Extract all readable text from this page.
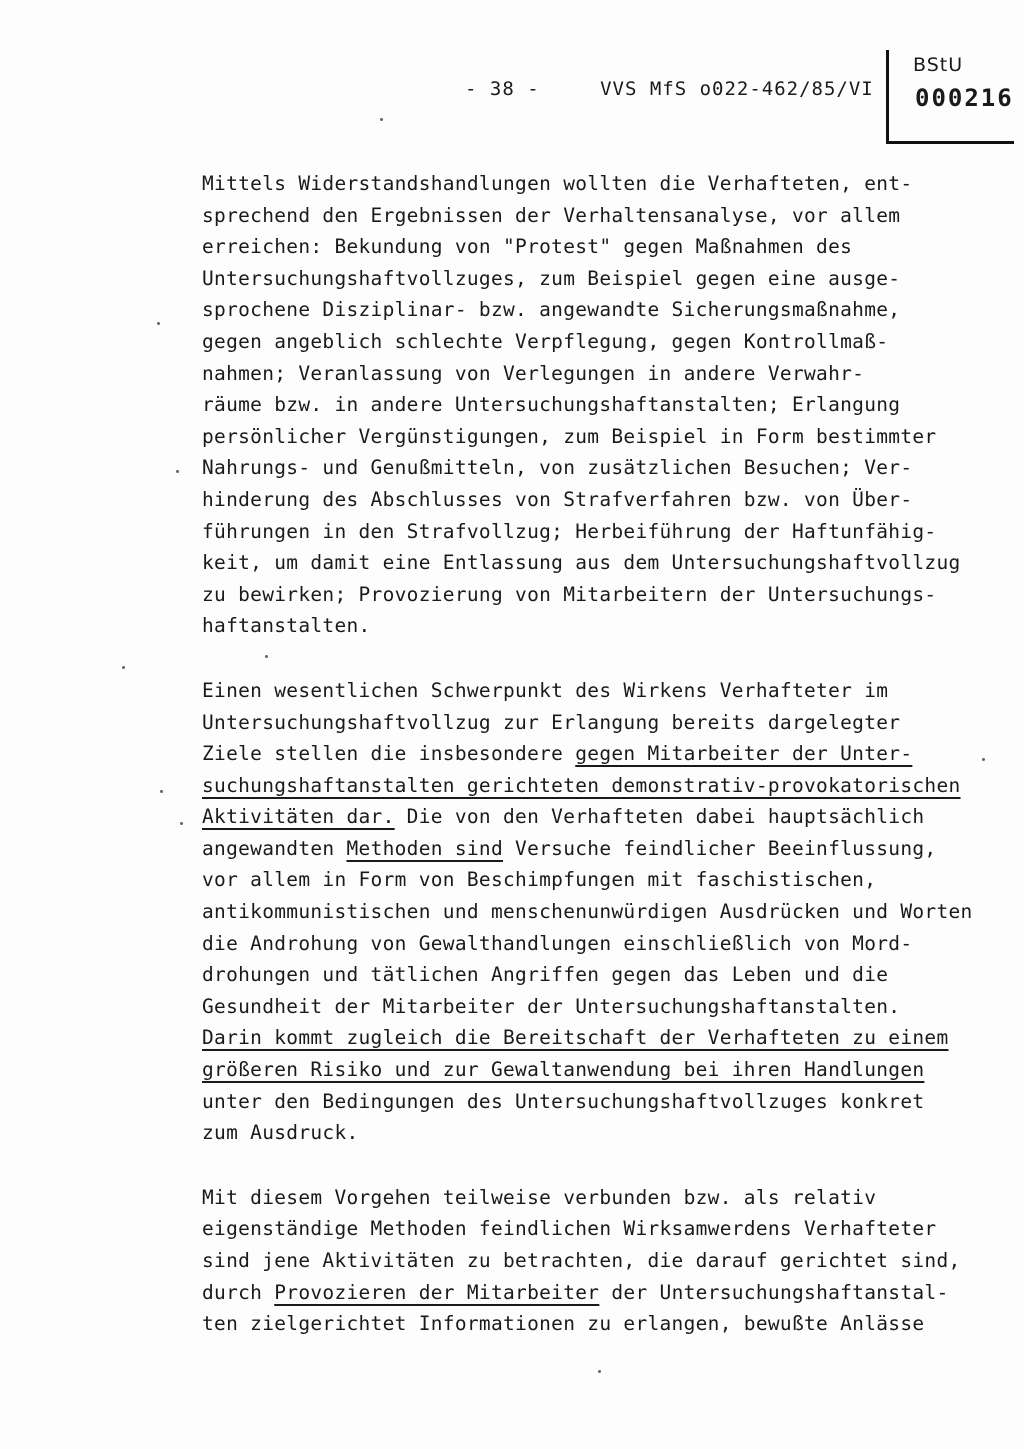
- 38 -	VVS MfS o022-462/85/VI
BStU
000216
Mittels Widerstandshandlungen wollten die Verhafteten, ent-
sprechend den Ergebnissen der Verhaltensanalyse, vor allem
erreichen: Bekundung von "Protest" gegen Maßnahmen des
Untersuchungshaftvollzuges, zum Beispiel gegen eine ausge-
sprochene Disziplinar- bzw. angewandte Sicherungsmaßnahme,
gegen angeblich schlechte Verpflegung, gegen Kontrollmaß-
nahmen; Veranlassung von Verlegungen in andere Verwahr-
räume bzw. in andere Untersuchungshaftanstalten; Erlangung
persönlicher Vergünstigungen, zum Beispiel in Form bestimmter
Nahrungs- und Genußmitteln, von zusätzlichen Besuchen; Ver-
hinderung des Abschlusses von Strafverfahren bzw. von Über-
führungen in den Strafvollzug; Herbeiführung der Haftunfähig-
keit, um damit eine Entlassung aus dem Untersuchungshaftvollzug
zu bewirken; Provozierung von Mitarbeitern der Untersuchungs-
haftanstalten.
Einen wesentlichen Schwerpunkt des Wirkens Verhafteter im
Untersuchungshaftvollzug zur Erlangung bereits dargelegter
Ziele stellen die insbesondere gegen Mitarbeiter der Unter-
suchungshaftanstalten gerichteten demonstrativ-provokatorischen
Aktivitäten dar. Die von den Verhafteten dabei hauptsächlich
angewandten Methoden sind Versuche feindlicher Beeinflussung,
vor allem in Form von Beschimpfungen mit faschistischen,
antikommunistischen und menschenunwürdigen Ausdrücken und Worten
die Androhung von Gewalthandlungen einschließlich von Mord-
drohungen und tätlichen Angriffen gegen das Leben und die
Gesundheit der Mitarbeiter der Untersuchungshaftanstalten.
Darin kommt zugleich die Bereitschaft der Verhafteten zu einem
größeren Risiko und zur Gewaltanwendung bei ihren Handlungen
unter den Bedingungen des Untersuchungshaftvollzuges konkret
zum Ausdruck.
Mit diesem Vorgehen teilweise verbunden bzw. als relativ
eigenständige Methoden feindlichen Wirksamwerdens Verhafteter
sind jene Aktivitäten zu betrachten, die darauf gerichtet sind,
durch Provozieren der Mitarbeiter der Untersuchungshaftanstal-
ten zielgerichtet Informationen zu erlangen, bewußte Anlässe
